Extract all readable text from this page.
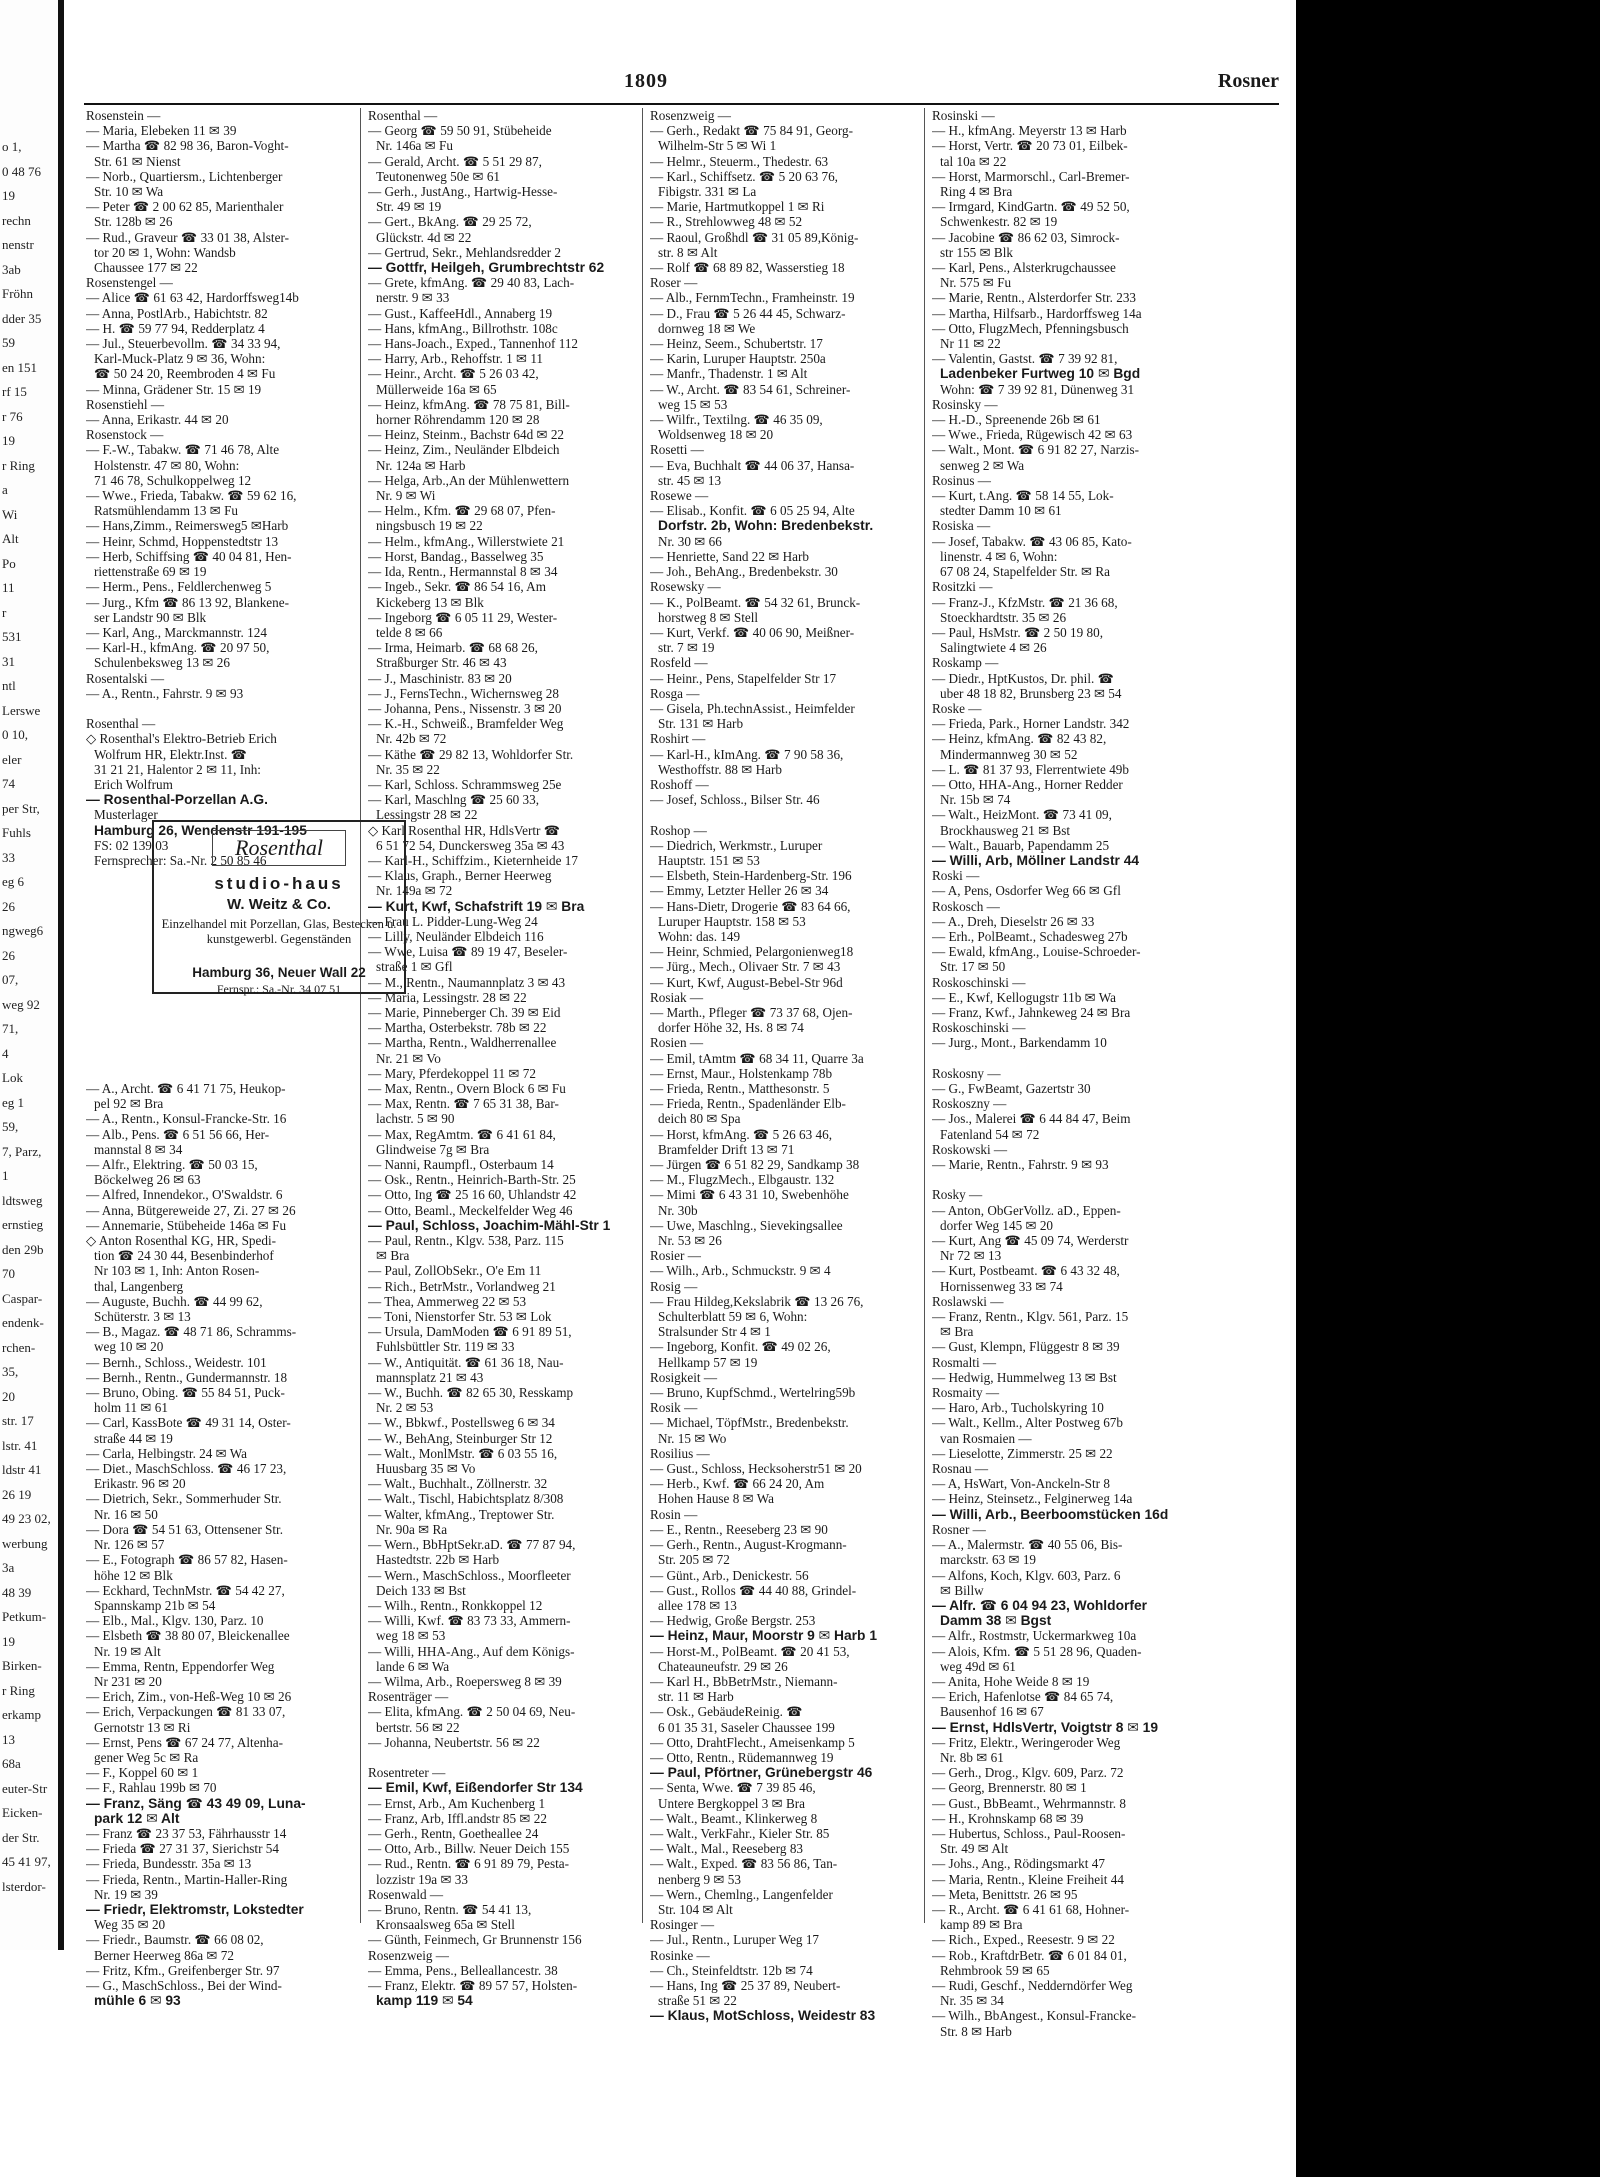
o 1,
0 48 76
19
rechn
nenstr
3ab
Fröhn
dder 35
59
en 151
rf 15
r 76
19
r Ring
a
Wi
Alt
Po
11
r
531
31
ntl
Lerswe
0 10,
eler
74
per Str,
Fuhls
33
eg 6
26
ngweg6
26
07,
weg 92
71,
4
Lok
eg 1
59,
7, Parz,
1
ldtsweg
ernstieg
den 29b
70
Caspar-
endenk-
rchen-
35,
20
str. 17
lstr. 41
ldstr 41
26 19
49 23 02,
werbung
3a
48 39
Petkum-
19
Birken-
r Ring
erkamp
13
68a
euter-Str
Eicken-
der Str.
45 41 97,
lsterdor-
1809	Rosner
Rosenstein —
— Maria, Elebeken 11 ✉ 39
— Martha ☎ 82 98 36, Baron-Voght-
Str. 61 ✉ Nienst
— Norb., Quartiersm., Lichtenberger
Str. 10 ✉ Wa
— Peter ☎ 2 00 62 85, Marienthaler
Str. 128b ✉ 26
— Rud., Graveur ☎ 33 01 38, Alster-
tor 20 ✉ 1, Wohn: Wandsb
Chaussee 177 ✉ 22
Rosenstengel —
— Alice ☎ 61 63 42, Hardorffsweg14b
— Anna, PostlArb., Habichtstr. 82
— H. ☎ 59 77 94, Redderplatz 4
— Jul., Steuerbevollm. ☎ 34 33 94,
Karl-Muck-Platz 9 ✉ 36, Wohn:
☎ 50 24 20, Reembroden 4 ✉ Fu
— Minna, Grädener Str. 15 ✉ 19
Rosenstiehl —
— Anna, Erikastr. 44 ✉ 20
Rosenstock —
— F.-W., Tabakw. ☎ 71 46 78, Alte
Holstenstr. 47 ✉ 80, Wohn:
71 46 78, Schulkoppelweg 12
— Wwe., Frieda, Tabakw. ☎ 59 62 16,
Ratsmühlendamm 13 ✉ Fu
— Hans,Zimm., Reimersweg5 ✉Harb
— Heinr, Schmd, Hoppenstedtstr 13
— Herb, Schiffsing ☎ 40 04 81, Hen-
riettenstraße 69 ✉ 19
— Herm., Pens., Feldlerchenweg 5
— Jurg., Kfm ☎ 86 13 92, Blankene-
ser Landstr 90 ✉ Blk
— Karl, Ang., Marckmannstr. 124
— Karl-H., kfmAng. ☎ 20 97 50,
Schulenbeksweg 13 ✉ 26
Rosentalski —
— A., Rentn., Fahrstr. 9 ✉ 93

Rosenthal —
◇ Rosenthal's Elektro-Betrieb Erich
Wolfrum HR, Elektr.Inst. ☎
31 21 21, Halentor 2 ✉ 11, Inh:
Erich Wolfrum
— Rosenthal-Porzellan A.G.
Musterlager
Hamburg 26, Wendenstr 191-195
FS: 02 139 03
Fernsprecher: Sa.-Nr. 2 50 85 46

— A., Archt. ☎ 6 41 71 75, Heukop-
pel 92 ✉ Bra
— A., Rentn., Konsul-Francke-Str. 16
— Alb., Pens. ☎ 6 51 56 66, Her-
mannstal 8 ✉ 34
— Alfr., Elektring. ☎ 50 03 15,
Böckelweg 26 ✉ 63
— Alfred, Innendekor., O'Swaldstr. 6
— Anna, Bütgereweide 27, Zi. 27 ✉ 26
— Annemarie, Stübeheide 146a ✉ Fu
◇ Anton Rosenthal KG, HR, Spedi-
tion ☎ 24 30 44, Besenbinderhof
Nr 103 ✉ 1, Inh: Anton Rosen-
thal, Langenberg
— Auguste, Buchh. ☎ 44 99 62,
Schüterstr. 3 ✉ 13
— B., Magaz. ☎ 48 71 86, Schramms-
weg 10 ✉ 20
— Bernh., Schloss., Weidestr. 101
— Bernh., Rentn., Gundermannstr. 18
— Bruno, Obing. ☎ 55 84 51, Puck-
holm 11 ✉ 61
— Carl, KassBote ☎ 49 31 14, Oster-
straße 44 ✉ 19
— Carla, Helbingstr. 24 ✉ Wa
— Diet., MaschSchloss. ☎ 46 17 23,
Erikastr. 96 ✉ 20
— Dietrich, Sekr., Sommerhuder Str.
Nr. 16 ✉ 50
— Dora ☎ 54 51 63, Ottensener Str.
Nr. 126 ✉ 57
— E., Fotograph ☎ 86 57 82, Hasen-
höhe 12 ✉ Blk
— Eckhard, TechnMstr. ☎ 54 42 27,
Spannskamp 21b ✉ 54
— Elb., Mal., Klgv. 130, Parz. 10
— Elsbeth ☎ 38 80 07, Bleickenallee
Nr. 19 ✉ Alt
— Emma, Rentn, Eppendorfer Weg
Nr 231 ✉ 20
— Erich, Zim., von-Heß-Weg 10 ✉ 26
— Erich, Verpackungen ☎ 81 33 07,
Gernotstr 13 ✉ Ri
— Ernst, Pens ☎ 67 24 77, Altenha-
gener Weg 5c ✉ Ra
— F., Koppel 60 ✉ 1
— F., Rahlau 199b ✉ 70
— Franz, Säng ☎ 43 49 09, Luna-
park 12 ✉ Alt
— Franz ☎ 23 37 53, Fährhausstr 14
— Frieda ☎ 27 31 37, Sierichstr 54
— Frieda, Bundesstr. 35a ✉ 13
— Frieda, Rentn., Martin-Haller-Ring
Nr. 19 ✉ 39
— Friedr, Elektromstr, Lokstedter
Weg 35 ✉ 20
— Friedr., Baumstr. ☎ 66 08 02,
Berner Heerweg 86a ✉ 72
— Fritz, Kfm., Greifenberger Str. 97
— G., MaschSchloss., Bei der Wind-
mühle 6 ✉ 93
Rosenthal —
— Georg ☎ 59 50 91, Stübeheide
Nr. 146a ✉ Fu
— Gerald, Archt. ☎ 5 51 29 87,
Teutonenweg 50e ✉ 61
— Gerh., JustAng., Hartwig-Hesse-
Str. 49 ✉ 19
— Gert., BkAng. ☎ 29 25 72,
Glückstr. 4d ✉ 22
— Gertrud, Sekr., Mehlandsredder 2
— Gottfr, Heilgeh, Grumbrechtstr 62
— Grete, kfmAng. ☎ 29 40 83, Lach-
nerstr. 9 ✉ 33
— Gust., KaffeeHdl., Annaberg 19
— Hans, kfmAng., Billrothstr. 108c
— Hans-Joach., Exped., Tannenhof 112
— Harry, Arb., Rehoffstr. 1 ✉ 11
— Heinr., Archt. ☎ 5 26 03 42,
Müllerweide 16a ✉ 65
— Heinz, kfmAng. ☎ 78 75 81, Bill-
horner Röhrendamm 120 ✉ 28
— Heinz, Steinm., Bachstr 64d ✉ 22
— Heinz, Zim., Neuländer Elbdeich
Nr. 124a ✉ Harb
— Helga, Arb.,An der Mühlenwettern
Nr. 9 ✉ Wi
— Helm., Kfm. ☎ 29 68 07, Pfen-
ningsbusch 19 ✉ 22
— Helm., kfmAng., Willerstwiete 21
— Horst, Bandag., Basselweg 35
— Ida, Rentn., Hermannstal 8 ✉ 34
— Ingeb., Sekr. ☎ 86 54 16, Am
Kickeberg 13 ✉ Blk
— Ingeborg ☎ 6 05 11 29, Wester-
telde 8 ✉ 66
— Irma, Heimarb. ☎ 68 68 26,
Straßburger Str. 46 ✉ 43
— J., Maschinistr. 83 ✉ 20
— J., FernsTechn., Wichernsweg 28
— Johanna, Pens., Nissenstr. 3 ✉ 20
— K.-H., Schweiß., Bramfelder Weg
Nr. 42b ✉ 72
— Käthe ☎ 29 82 13, Wohldorfer Str.
Nr. 35 ✉ 22
— Karl, Schloss. Schrammsweg 25e
— Karl, Maschlng ☎ 25 60 33,
Lessingstr 28 ✉ 22
◇ Karl Rosenthal HR, HdlsVertr ☎
6 51 72 54, Dunckersweg 35a ✉ 43
— Karl-H., Schiffzim., Kieternheide 17
— Klaus, Graph., Berner Heerweg
Nr. 149a ✉ 72
— Kurt, Kwf, Schafstrift 19 ✉ Bra
— Frau L. Pidder-Lung-Weg 24
— Lilly, Neuländer Elbdeich 116
— Wwe, Luisa ☎ 89 19 47, Beseler-
straße 1 ✉ Gfl
— M., Rentn., Naumannplatz 3 ✉ 43
— Maria, Lessingstr. 28 ✉ 22
— Marie, Pinneberger Ch. 39 ✉ Eid
— Martha, Osterbekstr. 78b ✉ 22
— Martha, Rentn., Waldherrenallee
Nr. 21 ✉ Vo
— Mary, Pferdekoppel 11 ✉ 72
— Max, Rentn., Overn Block 6 ✉ Fu
— Max, Rentn. ☎ 7 65 31 38, Bar-
lachstr. 5 ✉ 90
— Max, RegAmtm. ☎ 6 41 61 84,
Glindweise 7g ✉ Bra
— Nanni, Raumpfl., Osterbaum 14
— Osk., Rentn., Heinrich-Barth-Str. 25
— Otto, Ing ☎ 25 16 60, Uhlandstr 42
— Otto, Beaml., Meckelfelder Weg 46
— Paul, Schloss, Joachim-Mähl-Str 1
— Paul, Rentn., Klgv. 538, Parz. 115
✉ Bra
— Paul, ZollObSekr., O'e Em 11
— Rich., BetrMstr., Vorlandweg 21
— Thea, Ammerweg 22 ✉ 53
— Toni, Nienstorfer Str. 53 ✉ Lok
— Ursula, DamModen ☎ 6 91 89 51,
Fuhlsbüttler Str. 119 ✉ 33
— W., Antiquität. ☎ 61 36 18, Nau-
mannsplatz 21 ✉ 43
— W., Buchh. ☎ 82 65 30, Resskamp
Nr. 2 ✉ 53
— W., Bbkwf., Postellsweg 6 ✉ 34
— W., BehAng, Steinburger Str 12
— Walt., MonlMstr. ☎ 6 03 55 16,
Huusbarg 35 ✉ Vo
— Walt., Buchhalt., Zöllnerstr. 32
— Walt., Tischl, Habichtsplatz 8/308
— Walter, kfmAng., Treptower Str.
Nr. 90a ✉ Ra
— Wern., BbHptSekr.aD. ☎ 77 87 94,
Hastedtstr. 22b ✉ Harb
— Wern., MaschSchloss., Moorfleeter
Deich 133 ✉ Bst
— Wilh., Rentn., Ronkkoppel 12
— Willi, Kwf. ☎ 83 73 33, Ammern-
weg 18 ✉ 53
— Willi, HHA-Ang., Auf dem Königs-
lande 6 ✉ Wa
— Wilma, Arb., Roepersweg 8 ✉ 39
Rosenträger —
— Elita, kfmAng. ☎ 2 50 04 69, Neu-
bertstr. 56 ✉ 22
— Johanna, Neubertstr. 56 ✉ 22

Rosentreter —
— Emil, Kwf, Eißendorfer Str 134
— Ernst, Arb., Am Kuchenberg 1
— Franz, Arb, Iffl.andstr 85 ✉ 22
— Gerh., Rentn, Goetheallee 24
— Otto, Arb., Billw. Neuer Deich 155
— Rud., Rentn. ☎ 6 91 89 79, Pesta-
lozzistr 19a ✉ 33
Rosenwald —
— Bruno, Rentn. ☎ 54 41 13,
Kronsaalsweg 65a ✉ Stell
— Günth, Feinmech, Gr Brunnenstr 156
Rosenzweig —
— Emma, Pens., Belleallancestr. 38
— Franz, Elektr. ☎ 89 57 57, Holsten-
kamp 119 ✉ 54
Rosenzweig —
— Gerh., Redakt ☎ 75 84 91, Georg-
Wilhelm-Str 5 ✉ Wi 1
— Helmr., Steuerm., Thedestr. 63
— Karl., Schiffsetz. ☎ 5 20 63 76,
Fibigstr. 331 ✉ La
— Marie, Hartmutkoppel 1 ✉ Ri
— R., Strehlowweg 48 ✉ 52
— Raoul, Großhdl ☎ 31 05 89,König-
str. 8 ✉ Alt
— Rolf ☎ 68 89 82, Wasserstieg 18
Roser —
— Alb., FernmTechn., Framheinstr. 19
— D., Frau ☎ 5 26 44 45, Schwarz-
dornweg 18 ✉ We
— Heinz, Seem., Schubertstr. 17
— Karin, Luruper Hauptstr. 250a
— Manfr., Thadenstr. 1 ✉ Alt
— W., Archt. ☎ 83 54 61, Schreiner-
weg 15 ✉ 53
— Wilfr., Textilng. ☎ 46 35 09,
Woldsenweg 18 ✉ 20
Rosetti —
— Eva, Buchhalt ☎ 44 06 37, Hansa-
str. 45 ✉ 13
Rosewe —
— Elisab., Konfit. ☎ 6 05 25 94, Alte
Dorfstr. 2b, Wohn: Bredenbekstr.
Nr. 30 ✉ 66
— Henriette, Sand 22 ✉ Harb
— Joh., BehAng., Bredenbekstr. 30
Rosewsky —
— K., PolBeamt. ☎ 54 32 61, Brunck-
horstweg 8 ✉ Stell
— Kurt, Verkf. ☎ 40 06 90, Meißner-
str. 7 ✉ 19
Rosfeld —
— Heinr., Pens, Stapelfelder Str 17
Rosga —
— Gisela, Ph.technAssist., Heimfelder
Str. 131 ✉ Harb
Roshirt —
— Karl-H., kImAng. ☎ 7 90 58 36,
Westhoffstr. 88 ✉ Harb
Roshoff —
— Josef, Schloss., Bilser Str. 46

Roshop —
— Diedrich, Werkmstr., Luruper
Hauptstr. 151 ✉ 53
— Elsbeth, Stein-Hardenberg-Str. 196
— Emmy, Letzter Heller 26 ✉ 34
— Hans-Dietr, Drogerie ☎ 83 64 66,
Luruper Hauptstr. 158 ✉ 53
Wohn: das. 149
— Heinr, Schmied, Pelargonienweg18
— Jürg., Mech., Olivaer Str. 7 ✉ 43
— Kurt, Kwf, August-Bebel-Str 96d
Rosiak —
— Marth., Pfleger ☎ 73 37 68, Ojen-
dorfer Höhe 32, Hs. 8 ✉ 74
Rosien —
— Emil, tAmtm ☎ 68 34 11, Quarre 3a
— Ernst, Maur., Holstenkamp 78b
— Frieda, Rentn., Matthesonstr. 5
— Frieda, Rentn., Spadenländer Elb-
deich 80 ✉ Spa
— Horst, kfmAng. ☎ 5 26 63 46,
Bramfelder Drift 13 ✉ 71
— Jürgen ☎ 6 51 82 29, Sandkamp 38
— M., FlugzMech., Elbgaustr. 132
— Mimi ☎ 6 43 31 10, Swebenhöhe
Nr. 30b
— Uwe, Maschlng., Sievekingsallee
Nr. 53 ✉ 26
Rosier —
— Wilh., Arb., Schmuckstr. 9 ✉ 4
Rosig —
— Frau Hildeg,Kekslabrik ☎ 13 26 76,
Schulterblatt 59 ✉ 6, Wohn:
Stralsunder Str 4 ✉ 1
— Ingeborg, Konfit. ☎ 49 02 26,
Hellkamp 57 ✉ 19
Rosigkeit —
— Bruno, KupfSchmd., Wertelring59b
Rosik —
— Michael, TöpfMstr., Bredenbekstr.
Nr. 15 ✉ Wo
Rosilius —
— Gust., Schloss, Hecksoherstr51 ✉ 20
— Herb., Kwf. ☎ 66 24 20, Am
Hohen Hause 8 ✉ Wa
Rosin —
— E., Rentn., Reeseberg 23 ✉ 90
— Gerh., Rentn., August-Krogmann-
Str. 205 ✉ 72
— Günt., Arb., Denickestr. 56
— Gust., Rollos ☎ 44 40 88, Grindel-
allee 178 ✉ 13
— Hedwig, Große Bergstr. 253
— Heinz, Maur, Moorstr 9 ✉ Harb 1
— Horst-M., PolBeamt. ☎ 20 41 53,
Chateauneufstr. 29 ✉ 26
— Karl H., BbBetrMstr., Niemann-
str. 11 ✉ Harb
— Osk., GebäudeReinig. ☎
6 01 35 31, Saseler Chaussee 199
— Otto, DrahtFlecht., Ameisenkamp 5
— Otto, Rentn., Rüdemannweg 19
— Paul, Pförtner, Grünebergstr 46
— Senta, Wwe. ☎ 7 39 85 46,
Untere Bergkoppel 3 ✉ Bra
— Walt., Beamt., Klinkerweg 8
— Walt., VerkFahr., Kieler Str. 85
— Walt., Mal., Reeseberg 83
— Walt., Exped. ☎ 83 56 86, Tan-
nenberg 9 ✉ 53
— Wern., Chemlng., Langenfelder
Str. 104 ✉ Alt
Rosinger —
— Jul., Rentn., Luruper Weg 17
Rosinke —
— Ch., Steinfeldtstr. 12b ✉ 74
— Hans, Ing ☎ 25 37 89, Neubert-
straße 51 ✉ 22
— Klaus, MotSchloss, Weidestr 83
Rosinski —
— H., kfmAng. Meyerstr 13 ✉ Harb
— Horst, Vertr. ☎ 20 73 01, Eilbek-
tal 10a ✉ 22
— Horst, Marmorschl., Carl-Bremer-
Ring 4 ✉ Bra
— Irmgard, KindGartn. ☎ 49 52 50,
Schwenkestr. 82 ✉ 19
— Jacobine ☎ 86 62 03, Simrock-
str 155 ✉ Blk
— Karl, Pens., Alsterkrugchaussee
Nr. 575 ✉ Fu
— Marie, Rentn., Alsterdorfer Str. 233
— Martha, Hilfsarb., Hardorffsweg 14a
— Otto, FlugzMech, Pfenningsbusch
Nr 11 ✉ 22
— Valentin, Gastst. ☎ 7 39 92 81,
Ladenbeker Furtweg 10 ✉ Bgd
Wohn: ☎ 7 39 92 81, Dünenweg 31
Rosinsky —
— H.-D., Spreenende 26b ✉ 61
— Wwe., Frieda, Rügewisch 42 ✉ 63
— Walt., Mont. ☎ 6 91 82 27, Narzis-
senweg 2 ✉ Wa
Rosinus —
— Kurt, t.Ang. ☎ 58 14 55, Lok-
stedter Damm 10 ✉ 61
Rosiska —
— Josef, Tabakw. ☎ 43 06 85, Kato-
linenstr. 4 ✉ 6, Wohn:
67 08 24, Stapelfelder Str. ✉ Ra
Rositzki —
— Franz-J., KfzMstr. ☎ 21 36 68,
Stoeckhardtstr. 35 ✉ 26
— Paul, HsMstr. ☎ 2 50 19 80,
Salingtwiete 4 ✉ 26
Roskamp —
— Diedr., HptKustos, Dr. phil. ☎
uber 48 18 82, Brunsberg 23 ✉ 54
Roske —
— Frieda, Park., Horner Landstr. 342
— Heinz, kfmAng. ☎ 82 43 82,
Mindermannweg 30 ✉ 52
— L. ☎ 81 37 93, Flerrentwiete 49b
— Otto, HHA-Ang., Horner Redder
Nr. 15b ✉ 74
— Walt., HeizMont. ☎ 73 41 09,
Brockhausweg 21 ✉ Bst
— Walt., Bauarb, Papendamm 25
— Willi, Arb, Möllner Landstr 44
Roski —
— A, Pens, Osdorfer Weg 66 ✉ Gfl
Roskosch —
— A., Dreh, Dieselstr 26 ✉ 33
— Erh., PolBeamt., Schadesweg 27b
— Ewald, kfmAng., Louise-Schroeder-
Str. 17 ✉ 50
Roskoschinski —
— E., Kwf, Kellogugstr 11b ✉ Wa
— Franz, Kwf., Jahnkeweg 24 ✉ Bra
Roskoschinski —
— Jurg., Mont., Barkendamm 10

Roskosny —
— G., FwBeamt, Gazertstr 30
Roskoszny —
— Jos., Malerei ☎ 6 44 84 47, Beim
Fatenland 54 ✉ 72
Roskowski —
— Marie, Rentn., Fahrstr. 9 ✉ 93

Rosky —
— Anton, ObGerVollz. aD., Eppen-
dorfer Weg 145 ✉ 20
— Kurt, Ang ☎ 45 09 74, Werderstr
Nr 72 ✉ 13
— Kurt, Postbeamt. ☎ 6 43 32 48,
Hornissenweg 33 ✉ 74
Roslawski —
— Franz, Rentn., Klgv. 561, Parz. 15
✉ Bra
— Gust, Klempn, Flüggestr 8 ✉ 39
Rosmalti —
— Hedwig, Hummelweg 13 ✉ Bst
Rosmaity —
— Haro, Arb., Tucholskyring 10
— Walt., Kellm., Alter Postweg 67b
van Rosmaien —
— Lieselotte, Zimmerstr. 25 ✉ 22
Rosnau —
— A, HsWart, Von-Anckeln-Str 8
— Heinz, Steinsetz., Felginerweg 14a
— Willi, Arb., Beerboomstücken 16d
Rosner —
— A., Malermstr. ☎ 40 55 06, Bis-
marckstr. 63 ✉ 19
— Alfons, Koch, Klgv. 603, Parz. 6
✉ Billw
— Alfr. ☎ 6 04 94 23, Wohldorfer
Damm 38 ✉ Bgst
— Alfr., Rostmstr, Uckermarkweg 10a
— Alois, Kfm. ☎ 5 51 28 96, Quaden-
weg 49d ✉ 61
— Anita, Hohe Weide 8 ✉ 19
— Erich, Hafenlotse ☎ 84 65 74,
Bausenhof 16 ✉ 67
— Ernst, HdlsVertr, Voigtstr 8 ✉ 19
— Fritz, Elektr., Weringeroder Weg
Nr. 8b ✉ 61
— Gerh., Drog., Klgv. 609, Parz. 72
— Georg, Brennerstr. 80 ✉ 1
— Gust., BbBeamt., Wehrmannstr. 8
— H., Krohnskamp 68 ✉ 39
— Hubertus, Schloss., Paul-Roosen-
Str. 49 ✉ Alt
— Johs., Ang., Rödingsmarkt 47
— Maria, Rentn., Kleine Freiheit 44
— Meta, Benittstr. 26 ✉ 95
— R., Archt. ☎ 6 41 61 68, Hohner-
kamp 89 ✉ Bra
— Rich., Exped., Reesestr. 9 ✉ 22
— Rob., KraftdrBetr. ☎ 6 01 84 01,
Rehmbrook 59 ✉ 65
— Rudi, Geschf., Nedderndörfer Weg
Nr. 35 ✉ 34
— Wilh., BbAngest., Konsul-Francke-
Str. 8 ✉ Harb
Rosenthal
studio-haus
W. Weitz & Co.
Einzelhandel mit Porzellan, Glas, Bestecken u. kunstgewerbl. Gegenständen
Hamburg 36, Neuer Wall 22
Fernspr.: Sa.-Nr. 34 07 51
